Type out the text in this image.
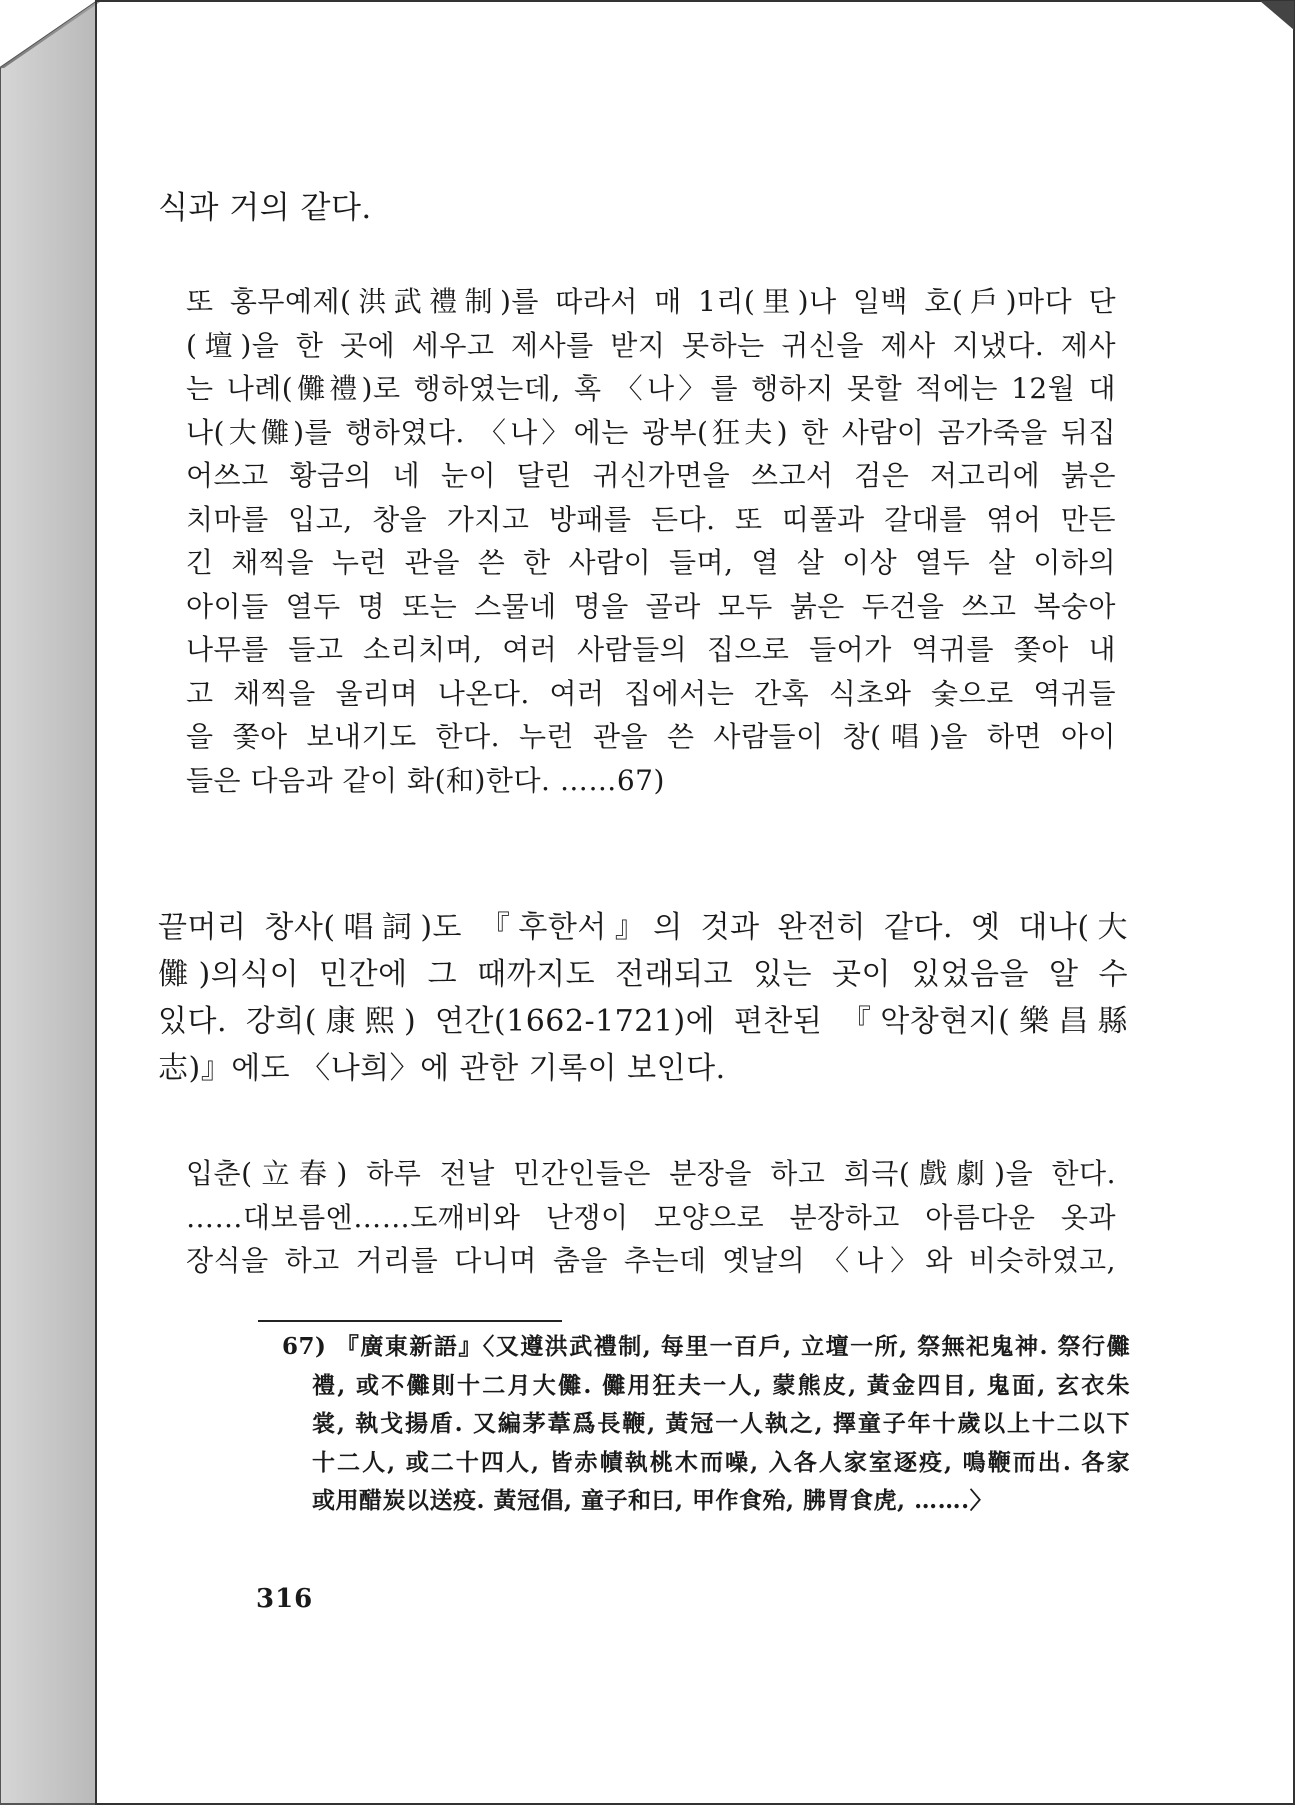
식과 거의 같다.
또 홍무예제(洪武禮制)를 따라서 매 1리(里)나 일백 호(戶)마다 단
(壇)을 한 곳에 세우고 제사를 받지 못하는 귀신을 제사 지냈다. 제사
는 나례(儺禮)로 행하였는데, 혹 〈나〉를 행하지 못할 적에는 12월 대
나(大儺)를 행하였다. 〈나〉에는 광부(狂夫) 한 사람이 곰가죽을 뒤집
어쓰고 황금의 네 눈이 달린 귀신가면을 쓰고서 검은 저고리에 붉은
치마를 입고, 창을 가지고 방패를 든다. 또 띠풀과 갈대를 엮어 만든
긴 채찍을 누런 관을 쓴 한 사람이 들며, 열 살 이상 열두 살 이하의
아이들 열두 명 또는 스물네 명을 골라 모두 붉은 두건을 쓰고 복숭아
나무를 들고 소리치며, 여러 사람들의 집으로 들어가 역귀를 쫓아 내
고 채찍을 울리며 나온다. 여러 집에서는 간혹 식초와 숯으로 역귀들
을 쫓아 보내기도 한다. 누런 관을 쓴 사람들이 창(唱)을 하면 아이
들은 다음과 같이 화(和)한다. ……67)
끝머리 창사(唱詞)도 『후한서』의 것과 완전히 같다. 옛 대나(大
儺)의식이 민간에 그 때까지도 전래되고 있는 곳이 있었음을 알 수
있다. 강희(康熙) 연간(1662-1721)에 편찬된 『악창현지(樂昌縣
志)』에도 〈나희〉에 관한 기록이 보인다.
입춘(立春) 하루 전날 민간인들은 분장을 하고 희극(戲劇)을 한다.
……대보름엔……도깨비와 난쟁이 모양으로 분장하고 아름다운 옷과
장식을 하고 거리를 다니며 춤을 추는데 옛날의 〈나〉와 비슷하였고,
67) 『廣東新語』〈又遵洪武禮制, 每里一百戶, 立壇一所, 祭無祀鬼神. 祭行儺
禮, 或不儺則十二月大儺. 儺用狂夫一人, 蒙熊皮, 黃金四目, 鬼面, 玄衣朱
裳, 執戈揚盾. 又編茅葦爲長鞭, 黃冠一人執之, 擇童子年十歲以上十二以下
十二人, 或二十四人, 皆赤幘執桃木而噪, 入各人家室逐疫, 鳴鞭而出. 各家
或用醋炭以送疫. 黃冠倡, 童子和曰, 甲作食殆, 胇胃食虎, …….〉
316
